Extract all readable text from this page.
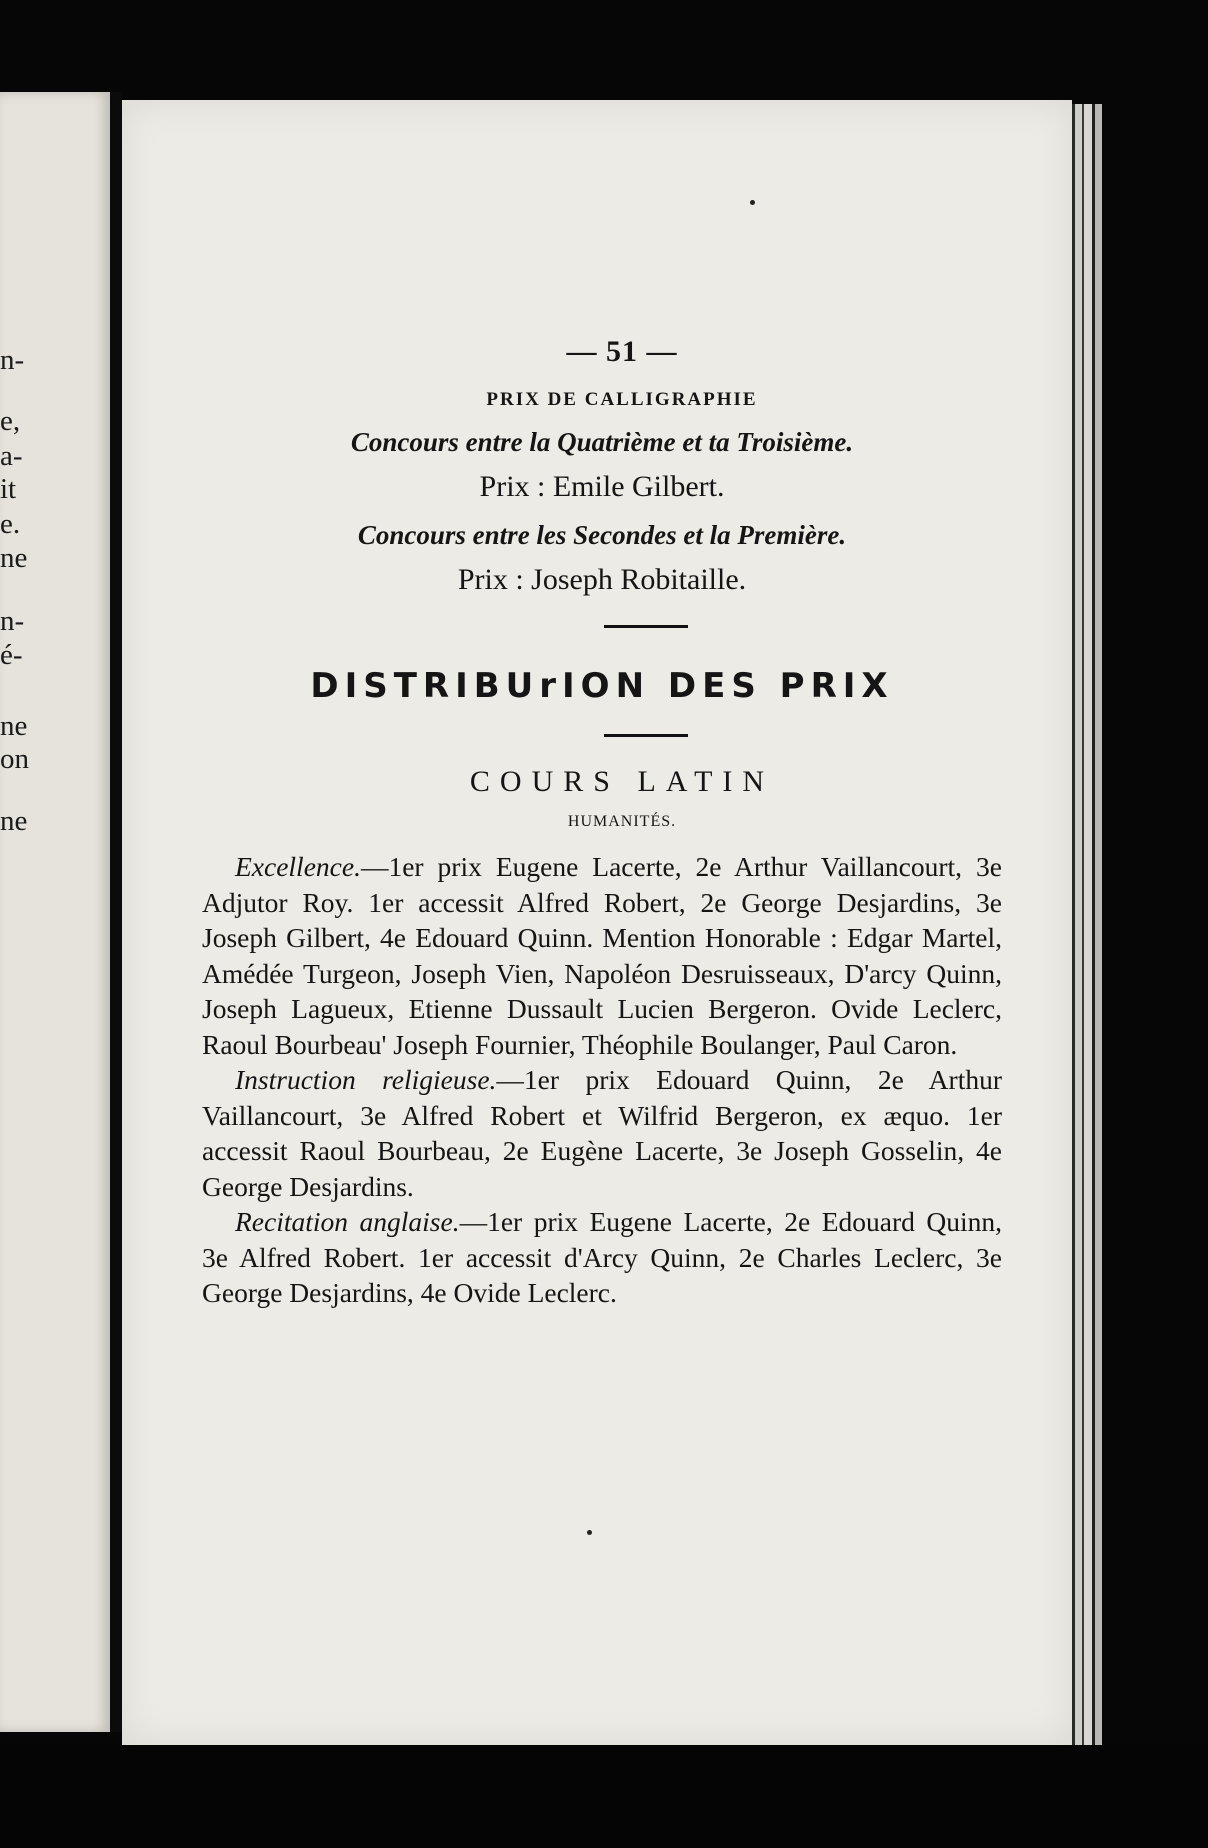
n-
e,
a-
it
e.
ne
n-
é-
ne
on
ne
— 51 —
PRIX DE CALLIGRAPHIE
Concours entre la Quatrième et ta Troisième.
Prix : Emile Gilbert.
Concours entre les Secondes et la Première.
Prix : Joseph Robitaille.
DISTRIBUrION DES PRIX
COURS LATIN
HUMANITÉS.

Excellence.—1er prix Eugene Lacerte, 2e Arthur Vaillancourt, 3e Adjutor Roy. 1er accessit Alfred Robert, 2e George Desjardins, 3e Joseph Gilbert, 4e Edouard Quinn. Mention Honorable : Edgar Martel, Amédée Turgeon, Joseph Vien, Napoléon Desruisseaux, D'arcy Quinn, Joseph Lagueux, Etienne Dussault Lucien Bergeron. Ovide Leclerc, Raoul Bourbeau' Joseph Fournier, Théophile Boulanger, Paul Caron.

Instruction religieuse.—1er prix Edouard Quinn, 2e Arthur Vaillancourt, 3e Alfred Robert et Wilfrid Bergeron, ex æquo. 1er accessit Raoul Bourbeau, 2e Eugène Lacerte, 3e Joseph Gosselin, 4e George Desjardins.

Recitation anglaise.—1er prix Eugene Lacerte, 2e Edouard Quinn, 3e Alfred Robert. 1er accessit d'Arcy Quinn, 2e Charles Leclerc, 3e George Desjardins, 4e Ovide Leclerc.
